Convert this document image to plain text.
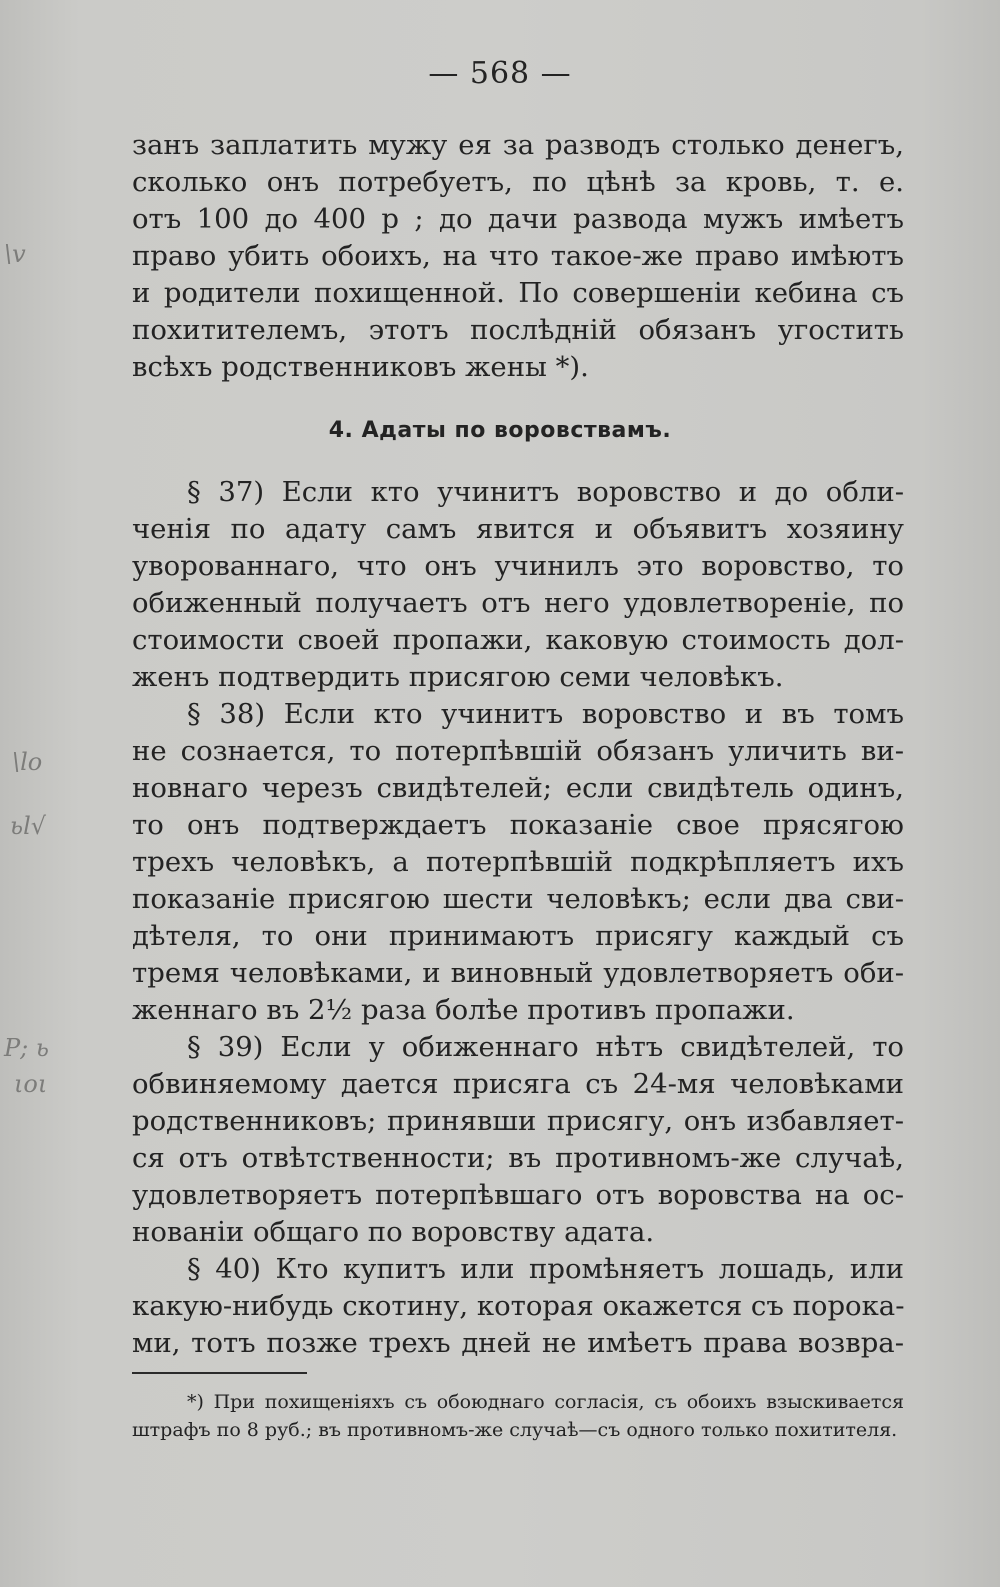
— 568 —
занъ заплатить мужу ея за разводъ столько денегъ,
сколько онъ потребуетъ, по цѣнѣ за кровь, т. е.
отъ 100 до 400 р ; до дачи развода мужъ имѣетъ
право убить обоихъ, на что такое-же право имѣютъ
и родители похищенной. По совершеніи кебина съ
похитителемъ, этотъ послѣдній обязанъ угостить
всѣхъ родственниковъ жены *).
4. Адаты по воровствамъ.
§ 37) Если кто учинитъ воровство и до обли-
ченія по адату самъ явится и объявитъ хозяину
уворованнаго, что онъ учинилъ это воровство, то
обиженный получаетъ отъ него удовлетвореніе, по
стоимости своей пропажи, каковую стоимость дол-
женъ подтвердить присягою семи человѣкъ.
§ 38) Если кто учинитъ воровство и въ томъ
не сознается, то потерпѣвшій обязанъ уличить ви-
новнаго черезъ свидѣтелей; если свидѣтель одинъ,
то онъ подтверждаетъ показаніе свое прясягою
трехъ человѣкъ, а потерпѣвшій подкрѣпляетъ ихъ
показаніе присягою шести человѣкъ; если два сви-
дѣтеля, то они принимаютъ присягу каждый съ
тремя человѣками, и виновный удовлетворяетъ оби-
женнаго въ 2½ раза болѣе противъ пропажи.
§ 39) Если у обиженнаго нѣтъ свидѣтелей, то
обвиняемому дается присяга съ 24-мя человѣками
родственниковъ; принявши присягу, онъ избавляет-
ся отъ отвѣтственности; въ противномъ-же случаѣ,
удовлетворяетъ потерпѣвшаго отъ воровства на ос-
нованіи общаго по воровству адата.
§ 40) Кто купитъ или промѣняетъ лошадь, или
какую-нибудь скотину, которая окажется съ порока-
ми, тотъ позже трехъ дней не имѣетъ права возвра-
*) При похищеніяхъ съ обоюднаго согласія, съ обоихъ взыскивается
штрафъ по 8 руб.; въ противномъ-же случаѣ—съ одного только похитителя.
\v
\lo
ьl√
Р; ь
ιοι
